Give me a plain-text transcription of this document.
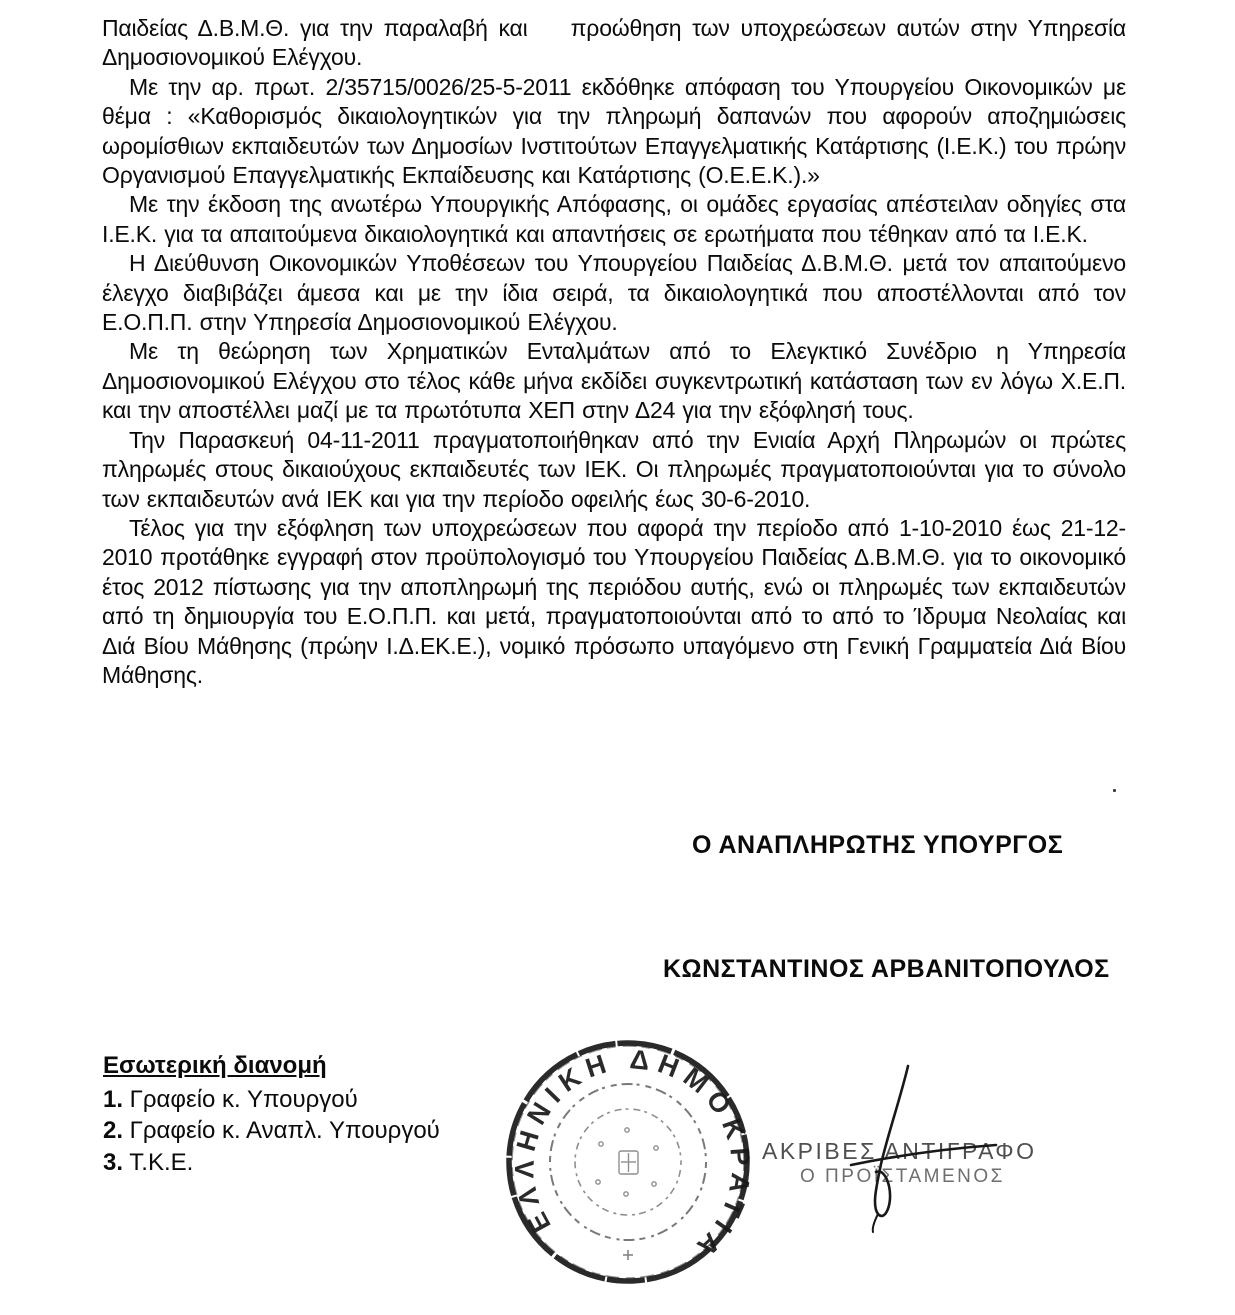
Παιδείας Δ.Β.Μ.Θ. για την παραλαβή και    προώθηση των υποχρεώσεων αυτών στην Υπηρεσία Δημοσιονομικού Ελέγχου.

Με την αρ. πρωτ. 2/35715/0026/25-5-2011 εκδόθηκε απόφαση του Υπουργείου Οικονομικών με θέμα : «Καθορισμός δικαιολογητικών για την πληρωμή δαπανών που αφορούν αποζημιώσεις ωρομίσθιων εκπαιδευτών των Δημοσίων Ινστιτούτων Επαγγελματικής Κατάρτισης (Ι.Ε.Κ.) του πρώην Οργανισμού Επαγγελματικής Εκπαίδευσης και Κατάρτισης (Ο.Ε.Ε.Κ.).»

Με την έκδοση της ανωτέρω Υπουργικής Απόφασης, οι ομάδες εργασίας απέστειλαν οδηγίες στα Ι.Ε.Κ. για τα απαιτούμενα δικαιολογητικά και απαντήσεις σε ερωτήματα που τέθηκαν από τα Ι.Ε.Κ.

Η Διεύθυνση Οικονομικών Υποθέσεων του Υπουργείου Παιδείας Δ.Β.Μ.Θ. μετά τον απαιτούμενο έλεγχο διαβιβάζει άμεσα και με την ίδια σειρά, τα δικαιολογητικά που αποστέλλονται από τον Ε.Ο.Π.Π. στην Υπηρεσία Δημοσιονομικού Ελέγχου.

Με τη θεώρηση των Χρηματικών Ενταλμάτων από το Ελεγκτικό Συνέδριο η Υπηρεσία Δημοσιονομικού Ελέγχου στο τέλος κάθε μήνα εκδίδει συγκεντρωτική κατάσταση των εν λόγω Χ.Ε.Π. και την αποστέλλει μαζί με τα πρωτότυπα ΧΕΠ στην Δ24 για την εξόφλησή τους.

Την Παρασκευή 04-11-2011 πραγματοποιήθηκαν από την Ενιαία Αρχή Πληρωμών οι πρώτες πληρωμές στους δικαιούχους εκπαιδευτές των ΙΕΚ. Οι πληρωμές πραγματοποιούνται για το σύνολο των εκπαιδευτών ανά ΙΕΚ και για την περίοδο οφειλής έως 30-6-2010.

Τέλος για την εξόφληση των υποχρεώσεων που αφορά την περίοδο από 1-10-2010 έως 21-12-2010 προτάθηκε εγγραφή στον προϋπολογισμό του Υπουργείου Παιδείας Δ.Β.Μ.Θ. για το οικονομικό έτος 2012 πίστωσης για την αποπληρωμή της περιόδου αυτής, ενώ οι πληρωμές των εκπαιδευτών από τη δημιουργία του Ε.Ο.Π.Π. και μετά, πραγματοποιούνται από το από το Ίδρυμα Νεολαίας και Διά Βίου Μάθησης (πρώην Ι.Δ.ΕΚ.Ε.), νομικό πρόσωπο υπαγόμενο στη Γενική Γραμματεία Διά Βίου Μάθησης.

Ο ΑΝΑΠΛΗΡΩΤΗΣ ΥΠΟΥΡΓΟΣ
ΚΩΝΣΤΑΝΤΙΝΟΣ ΑΡΒΑΝΙΤΟΠΟΥΛΟΣ
Εσωτερική διανομή
1. Γραφείο κ. Υπουργού
2. Γραφείο κ. Αναπλ. Υπουργού
3. Τ.Κ.Ε.
ΕΛΛΗΝΙΚΗ ΔΗΜΟΚΡΑΤΙΑ
ΑΚΡΙΒΕΣ ΑΝΤΙΓΡΑΦΟ
Ο ΠΡΟΪΣΤΑΜΕΝΟΣ
